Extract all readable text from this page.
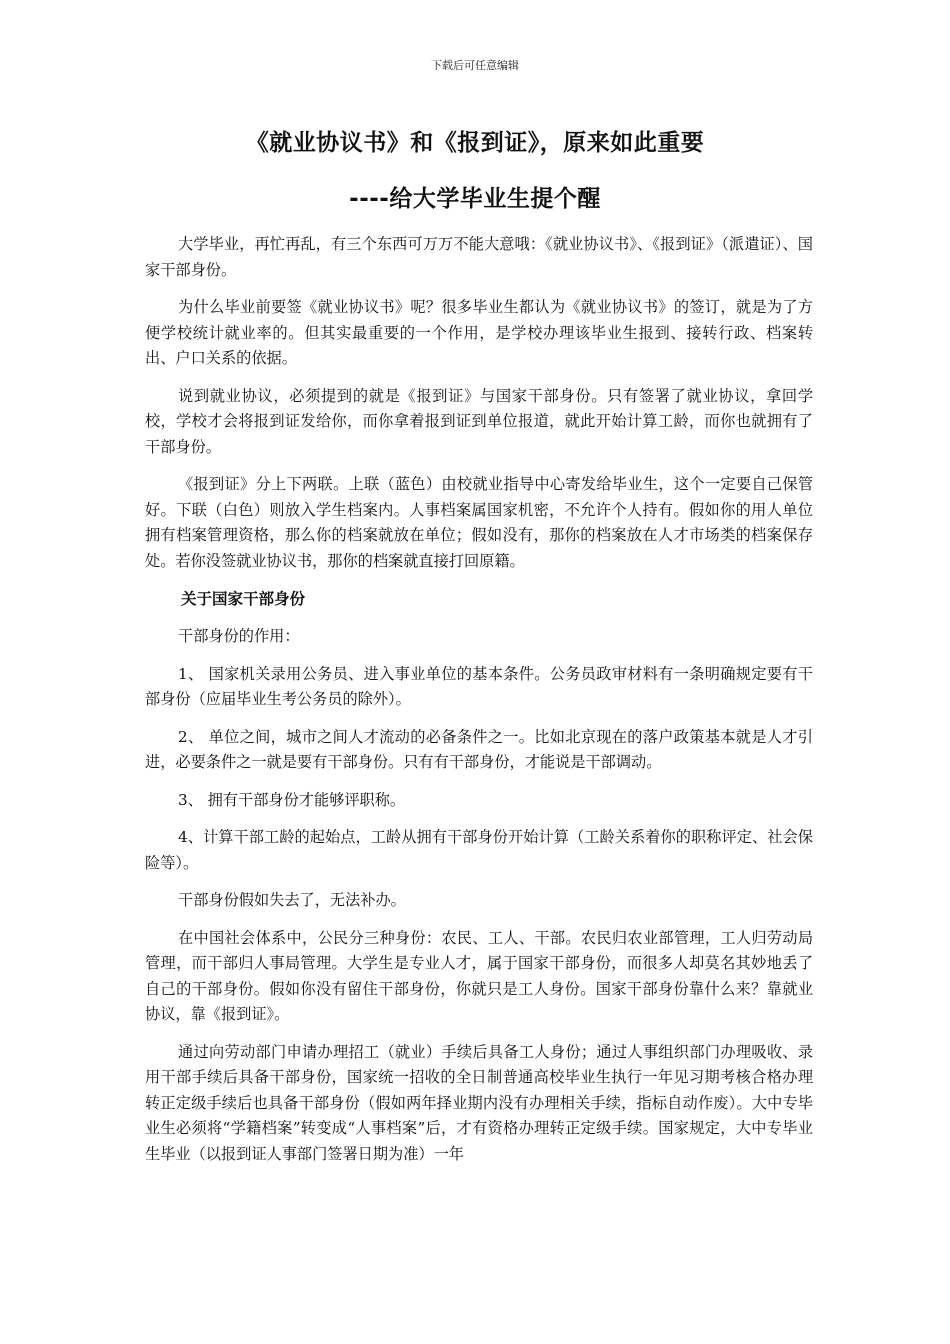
下载后可任意编辑
《就业协议书》和《报到证》，原来如此重要
----给大学毕业生提个醒

大学毕业，再忙再乱，有三个东西可万万不能大意哦：《就业协议书》、《报到证》（派遣证）、国家干部身份。

为什么毕业前要签《就业协议书》呢？很多毕业生都认为《就业协议书》的签订，就是为了方便学校统计就业率的。但其实最重要的一个作用，是学校办理该毕业生报到、接转行政、档案转出、户口关系的依据。

说到就业协议，必须提到的就是《报到证》与国家干部身份。只有签署了就业协议，拿回学校，学校才会将报到证发给你，而你拿着报到证到单位报道，就此开始计算工龄，而你也就拥有了干部身份。

《报到证》分上下两联。上联（蓝色）由校就业指导中心寄发给毕业生，这个一定要自己保管好。下联（白色）则放入学生档案内。人事档案属国家机密，不允许个人持有。假如你的用人单位拥有档案管理资格，那么你的档案就放在单位；假如没有，那你的档案放在人才市场类的档案保存处。若你没签就业协议书，那你的档案就直接打回原籍。

关于国家干部身份

干部身份的作用：

1、 国家机关录用公务员、进入事业单位的基本条件。公务员政审材料有一条明确规定要有干部身份（应届毕业生考公务员的除外）。

2、 单位之间，城市之间人才流动的必备条件之一。比如北京现在的落户政策基本就是人才引进，必要条件之一就是要有干部身份。只有有干部身份，才能说是干部调动。

3、 拥有干部身份才能够评职称。

4、计算干部工龄的起始点，工龄从拥有干部身份开始计算（工龄关系着你的职称评定、社会保险等）。

干部身份假如失去了，无法补办。

在中国社会体系中，公民分三种身份：农民、工人、干部。农民归农业部管理，工人归劳动局管理，而干部归人事局管理。大学生是专业人才，属于国家干部身份，而很多人却莫名其妙地丢了自己的干部身份。假如你没有留住干部身份，你就只是工人身份。国家干部身份靠什么来？靠就业协议，靠《报到证》。

通过向劳动部门申请办理招工（就业）手续后具备工人身份；通过人事组织部门办理吸收、录用干部手续后具备干部身份，国家统一招收的全日制普通高校毕业生执行一年见习期考核合格办理转正定级手续后也具备干部身份（假如两年择业期内没有办理相关手续，指标自动作废）。大中专毕业生必须将“学籍档案”转变成“人事档案”后，才有资格办理转正定级手续。国家规定，大中专毕业生毕业（以报到证人事部门签署日期为准）一年
